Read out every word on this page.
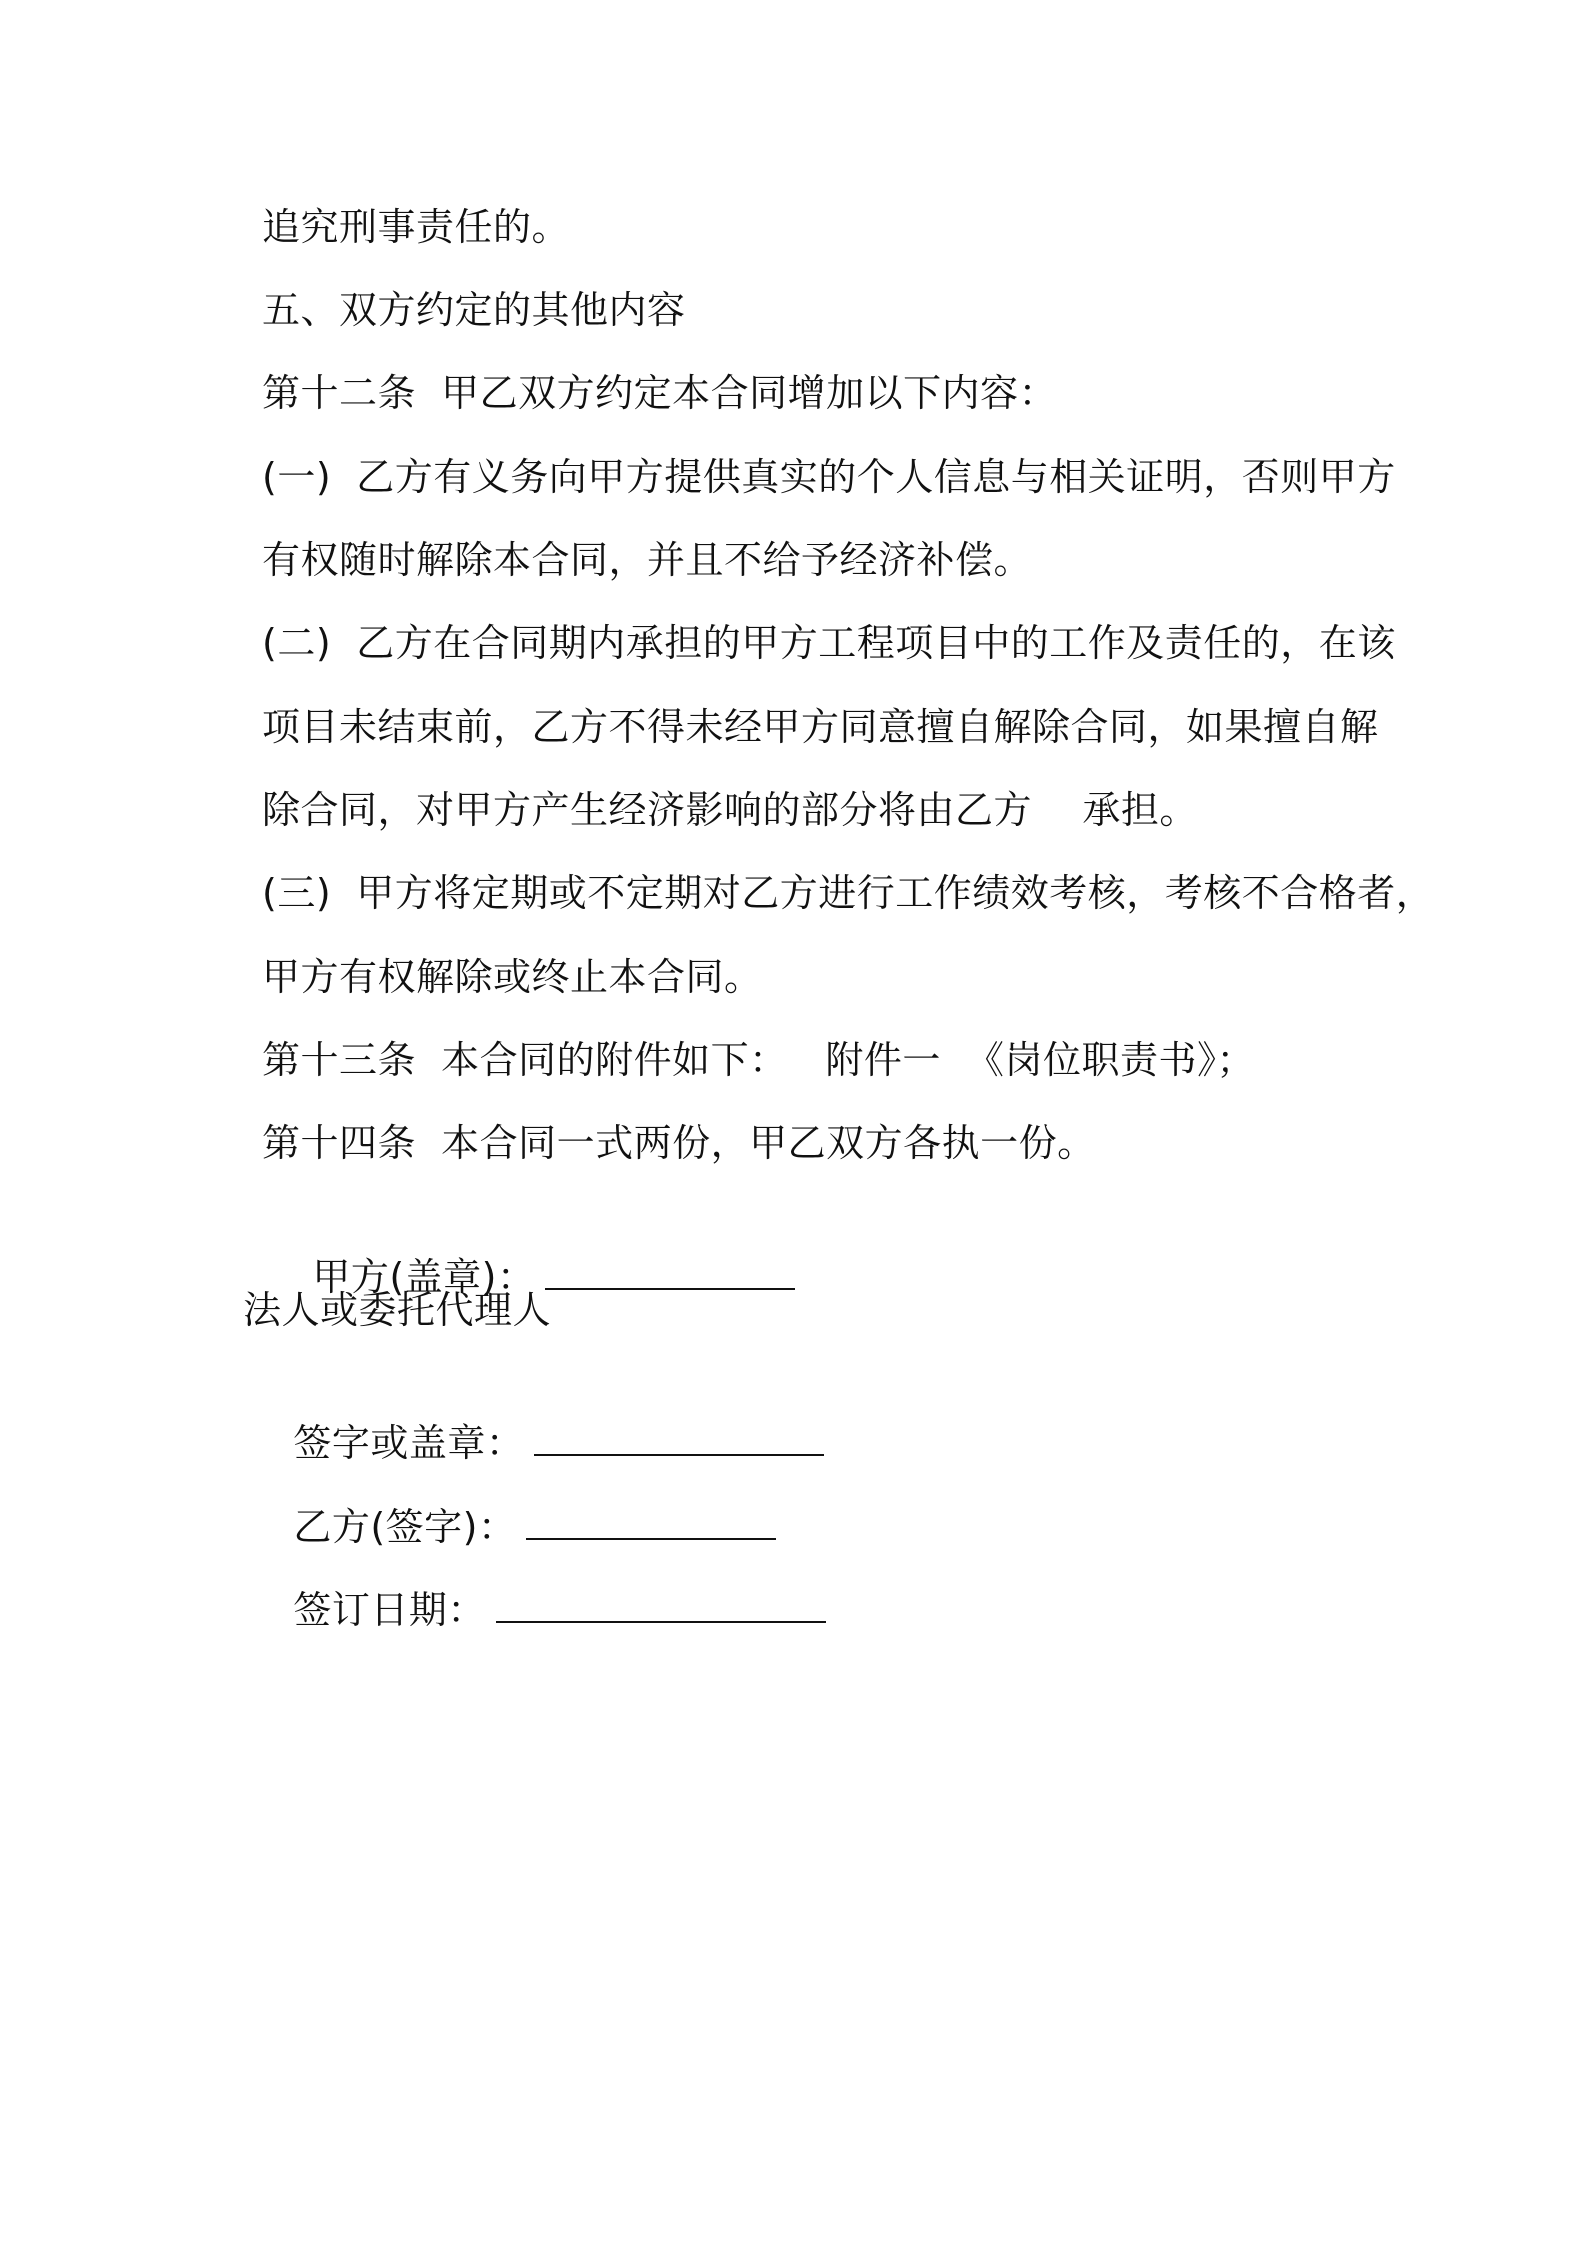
追究刑事责任的。
五、双方约定的其他内容
第十二条  甲乙双方约定本合同增加以下内容：
(一)  乙方有义务向甲方提供真实的个人信息与相关证明，否则甲方
有权随时解除本合同，并且不给予经济补偿。
(二)  乙方在合同期内承担的甲方工程项目中的工作及责任的，在该
项目未结束前，乙方不得未经甲方同意擅自解除合同，如果擅自解
除合同，对甲方产生经济影响的部分将由乙方    承担。
(三)  甲方将定期或不定期对乙方进行工作绩效考核，考核不合格者，
甲方有权解除或终止本合同。
第十三条  本合同的附件如下：   附件一  《岗位职责书》；
第十四条  本合同一式两份，甲乙双方各执一份。

甲方(盖章)：

法人或委托代理人

签字或盖章：

乙方(签字)：

签订日期：
